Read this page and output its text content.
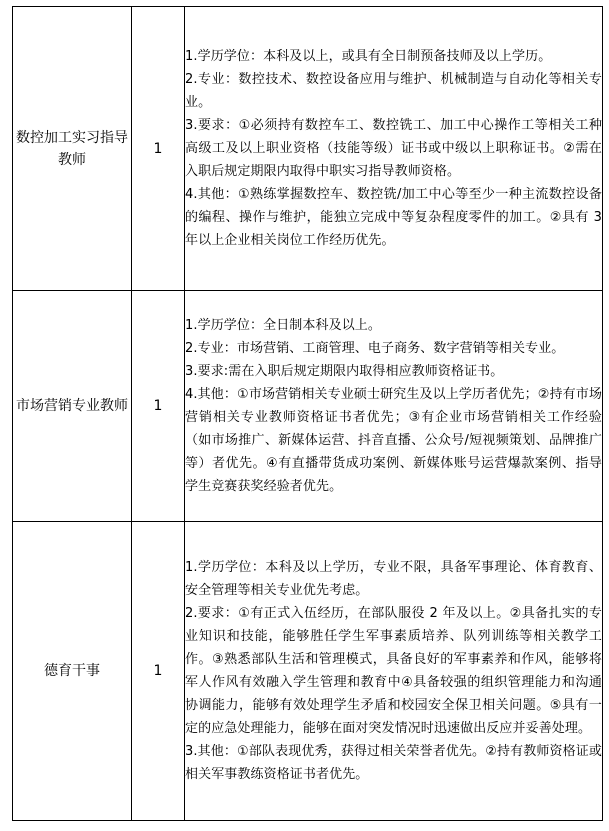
数控加工实习指导教师	1	1.学历学位：本科及以上，或具有全日制预备技师及以上学历。

2.专业：数控技术、数控设备应用与维护、机械制造与自动化等相关专业。

3.要求：①必须持有数控车工、数控铣工、加工中心操作工等相关工种高级工及以上职业资格（技能等级）证书或中级以上职称证书。②需在入职后规定期限内取得中职实习指导教师资格。

4.其他：①熟练掌握数控车、数控铣/加工中心等至少一种主流数控设备的编程、操作与维护，能独立完成中等复杂程度零件的加工。②具有 3 年以上企业相关岗位工作经历优先。

市场营销专业教师	1	1.学历学位：全日制本科及以上。

2.专业：市场营销、工商管理、电子商务、数字营销等相关专业。

3.要求:需在入职后规定期限内取得相应教师资格证书。

4.其他：①市场营销相关专业硕士研究生及以上学历者优先；②持有市场营销相关专业教师资格证书者优先；③有企业市场营销相关工作经验（如市场推广、新媒体运营、抖音直播、公众号/短视频策划、品牌推广等）者优先。④有直播带货成功案例、新媒体账号运营爆款案例、指导学生竞赛获奖经验者优先。

德育干事	1	1.学历学位：本科及以上学历，专业不限，具备军事理论、体育教育、安全管理等相关专业优先考虑。

2.要求：①有正式入伍经历，在部队服役 2 年及以上。②具备扎实的专业知识和技能，能够胜任学生军事素质培养、队列训练等相关教学工作。③熟悉部队生活和管理模式，具备良好的军事素养和作风，能够将军人作风有效融入学生管理和教育中④具备较强的组织管理能力和沟通协调能力，能够有效处理学生矛盾和校园安全保卫相关问题。⑤具有一定的应急处理能力，能够在面对突发情况时迅速做出反应并妥善处理。

3.其他：①部队表现优秀，获得过相关荣誉者优先。②持有教师资格证或相关军事教练资格证书者优先。
